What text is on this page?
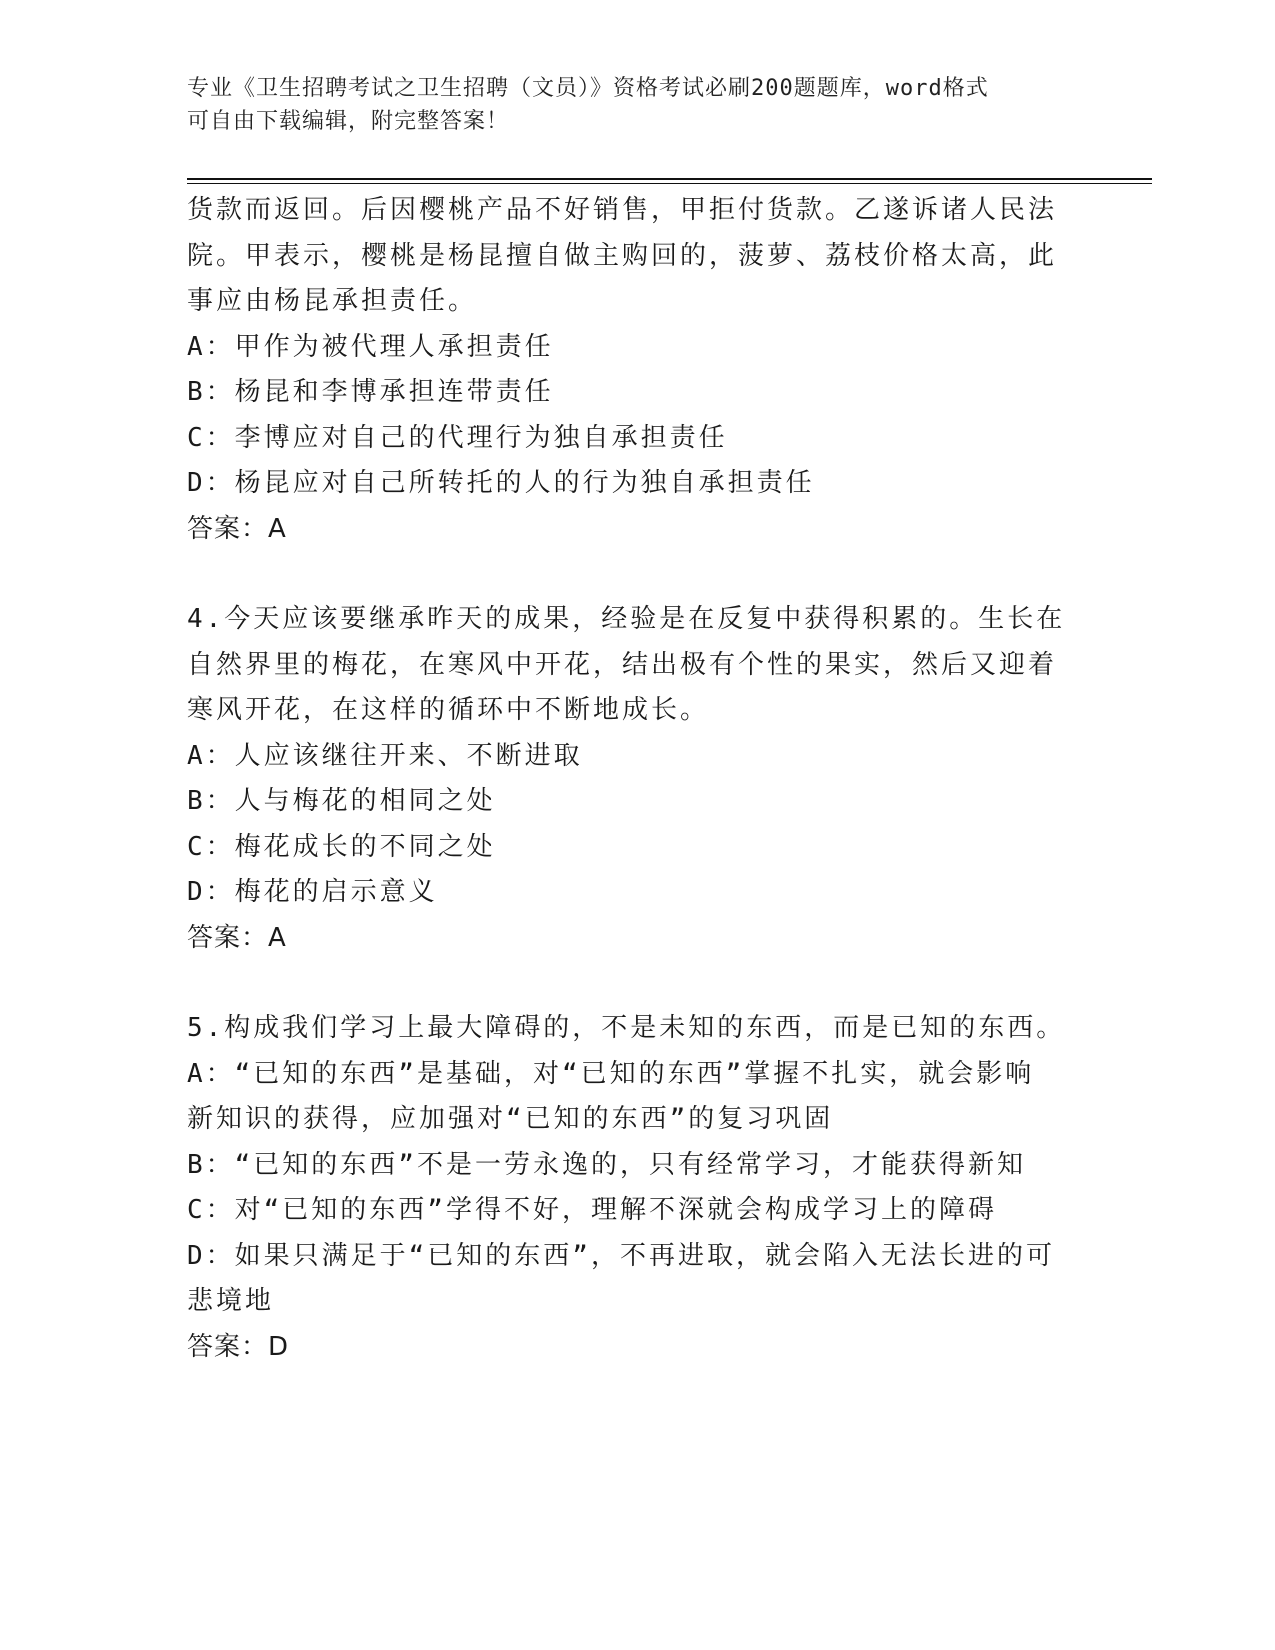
专业《卫生招聘考试之卫生招聘（文员）》资格考试必刷200题题库，word格式
可自由下载编辑，附完整答案！
货款而返回。后因樱桃产品不好销售，甲拒付货款。乙遂诉诸人民法
院。甲表示，樱桃是杨昆擅自做主购回的，菠萝、荔枝价格太高，此
事应由杨昆承担责任。
A：甲作为被代理人承担责任
B：杨昆和李博承担连带责任
C：李博应对自己的代理行为独自承担责任
D：杨昆应对自己所转托的人的行为独自承担责任
答案：A
4.今天应该要继承昨天的成果，经验是在反复中获得积累的。生长在
自然界里的梅花，在寒风中开花，结出极有个性的果实，然后又迎着
寒风开花，在这样的循环中不断地成长。
A：人应该继往开来、不断进取
B：人与梅花的相同之处
C：梅花成长的不同之处
D：梅花的启示意义
答案：A
5.构成我们学习上最大障碍的，不是未知的东西，而是已知的东西。
A：“已知的东西”是基础，对“已知的东西”掌握不扎实，就会影响
新知识的获得，应加强对“已知的东西”的复习巩固
B：“已知的东西”不是一劳永逸的，只有经常学习，才能获得新知
C：对“已知的东西”学得不好，理解不深就会构成学习上的障碍
D：如果只满足于“已知的东西”，不再进取，就会陷入无法长进的可
悲境地
答案：D
